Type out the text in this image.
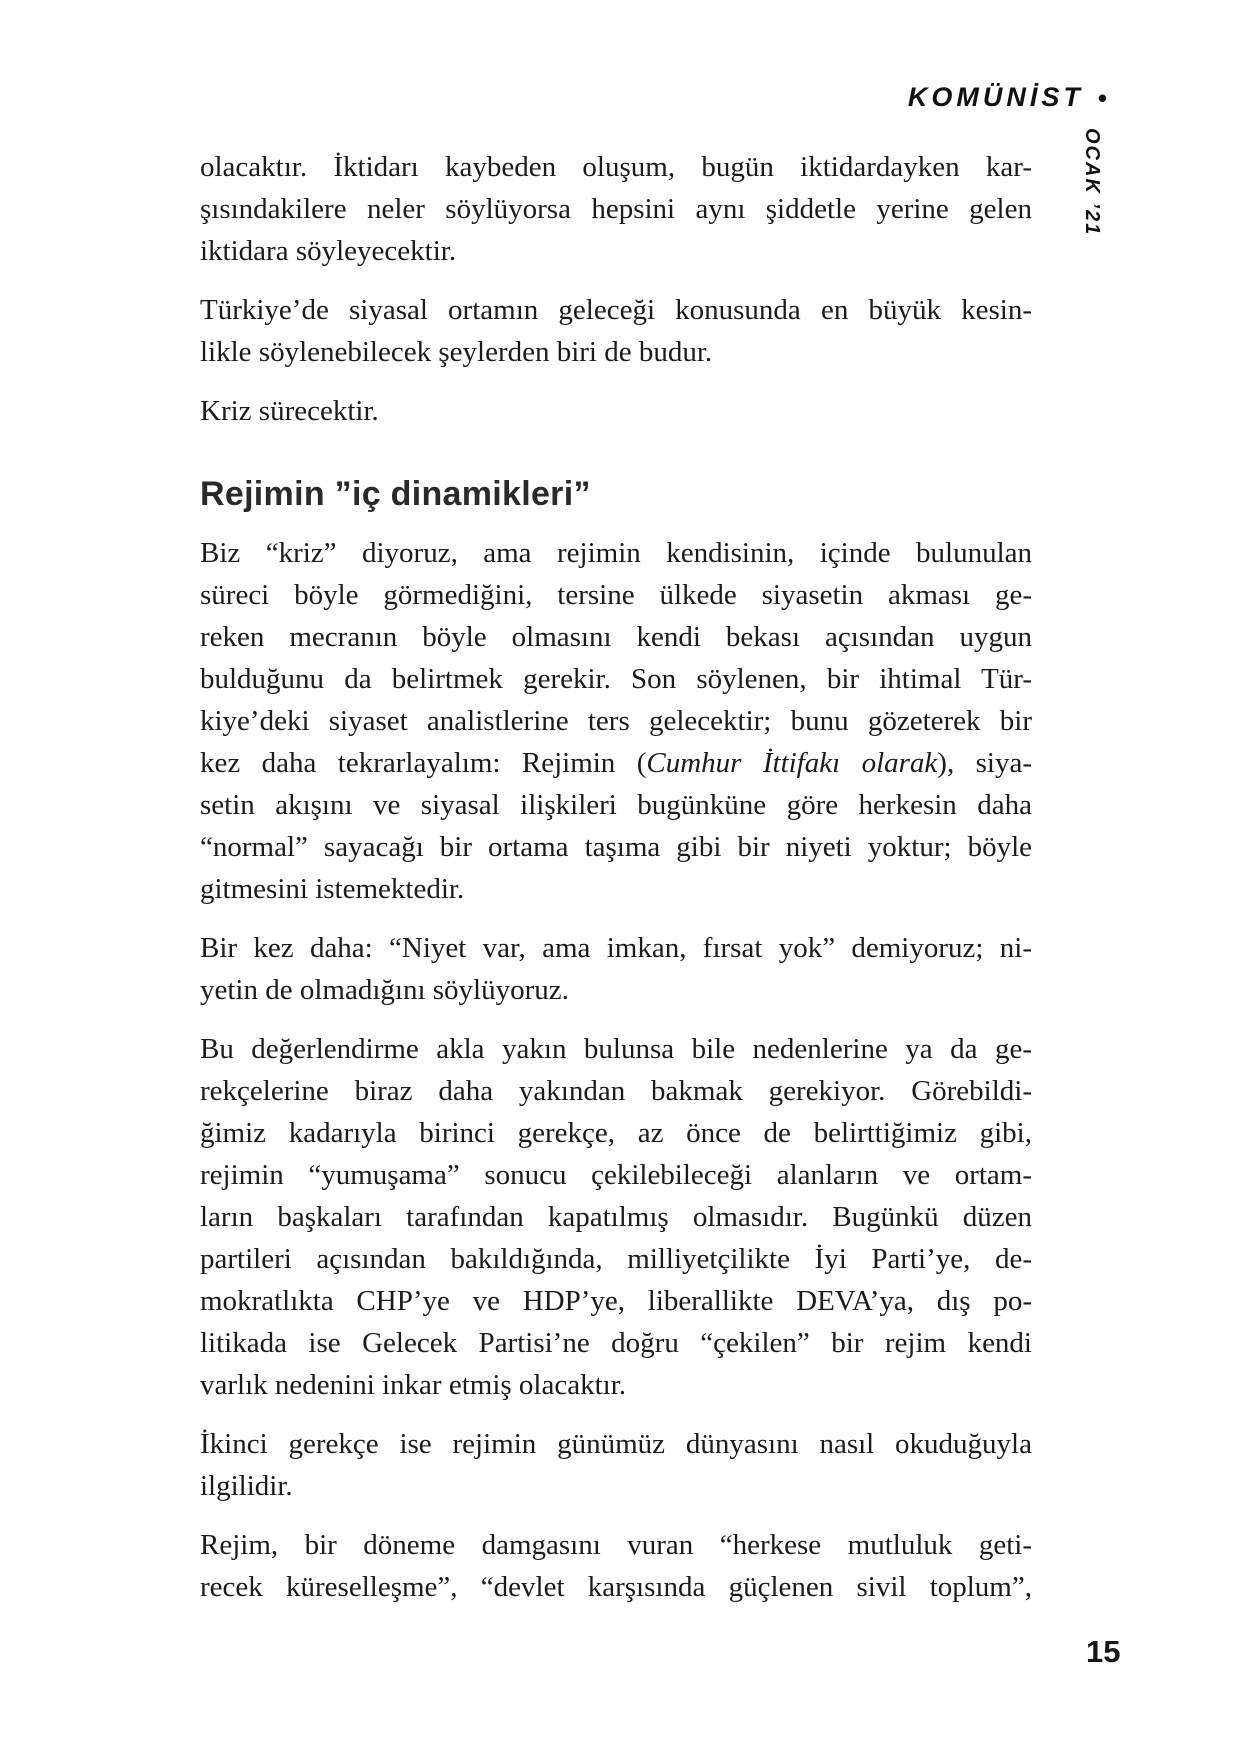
KOMÜNİST •
OCAK ’21

olacaktır. İktidarı kaybeden oluşum, bugün iktidardayken kar-
şısındakilere neler söylüyorsa hepsini aynı şiddetle yerine gelen
iktidara söyleyecektir.

Türkiye’de siyasal ortamın geleceği konusunda en büyük kesin-
likle söylenebilecek şeylerden biri de budur.

Kriz sürecektir.

Rejimin ”iç dinamikleri”

Biz “kriz” diyoruz, ama rejimin kendisinin, içinde bulunulan
süreci böyle görmediğini, tersine ülkede siyasetin akması ge-
reken mecranın böyle olmasını kendi bekası açısından uygun
bulduğunu da belirtmek gerekir. Son söylenen, bir ihtimal Tür-
kiye’deki siyaset analistlerine ters gelecektir; bunu gözeterek bir
kez daha tekrarlayalım: Rejimin (Cumhur İttifakı olarak), siya-
setin akışını ve siyasal ilişkileri bugünküne göre herkesin daha
“normal” sayacağı bir ortama taşıma gibi bir niyeti yoktur; böyle
gitmesini istemektedir.

Bir kez daha: “Niyet var, ama imkan, fırsat yok” demiyoruz; ni-
yetin de olmadığını söylüyoruz.

Bu değerlendirme akla yakın bulunsa bile nedenlerine ya da ge-
rekçelerine biraz daha yakından bakmak gerekiyor. Görebildi-
ğimiz kadarıyla birinci gerekçe, az önce de belirttiğimiz gibi,
rejimin “yumuşama” sonucu çekilebileceği alanların ve ortam-
ların başkaları tarafından kapatılmış olmasıdır. Bugünkü düzen
partileri açısından bakıldığında, milliyetçilikte İyi Parti’ye, de-
mokratlıkta CHP’ye ve HDP’ye, liberallikte DEVA’ya, dış po-
litikada ise Gelecek Partisi’ne doğru “çekilen” bir rejim kendi
varlık nedenini inkar etmiş olacaktır.

İkinci gerekçe ise rejimin günümüz dünyasını nasıl okuduğuyla
ilgilidir.

Rejim, bir döneme damgasını vuran “herkese mutluluk geti-
recek küreselleşme”, “devlet karşısında güçlenen sivil toplum”,

15
